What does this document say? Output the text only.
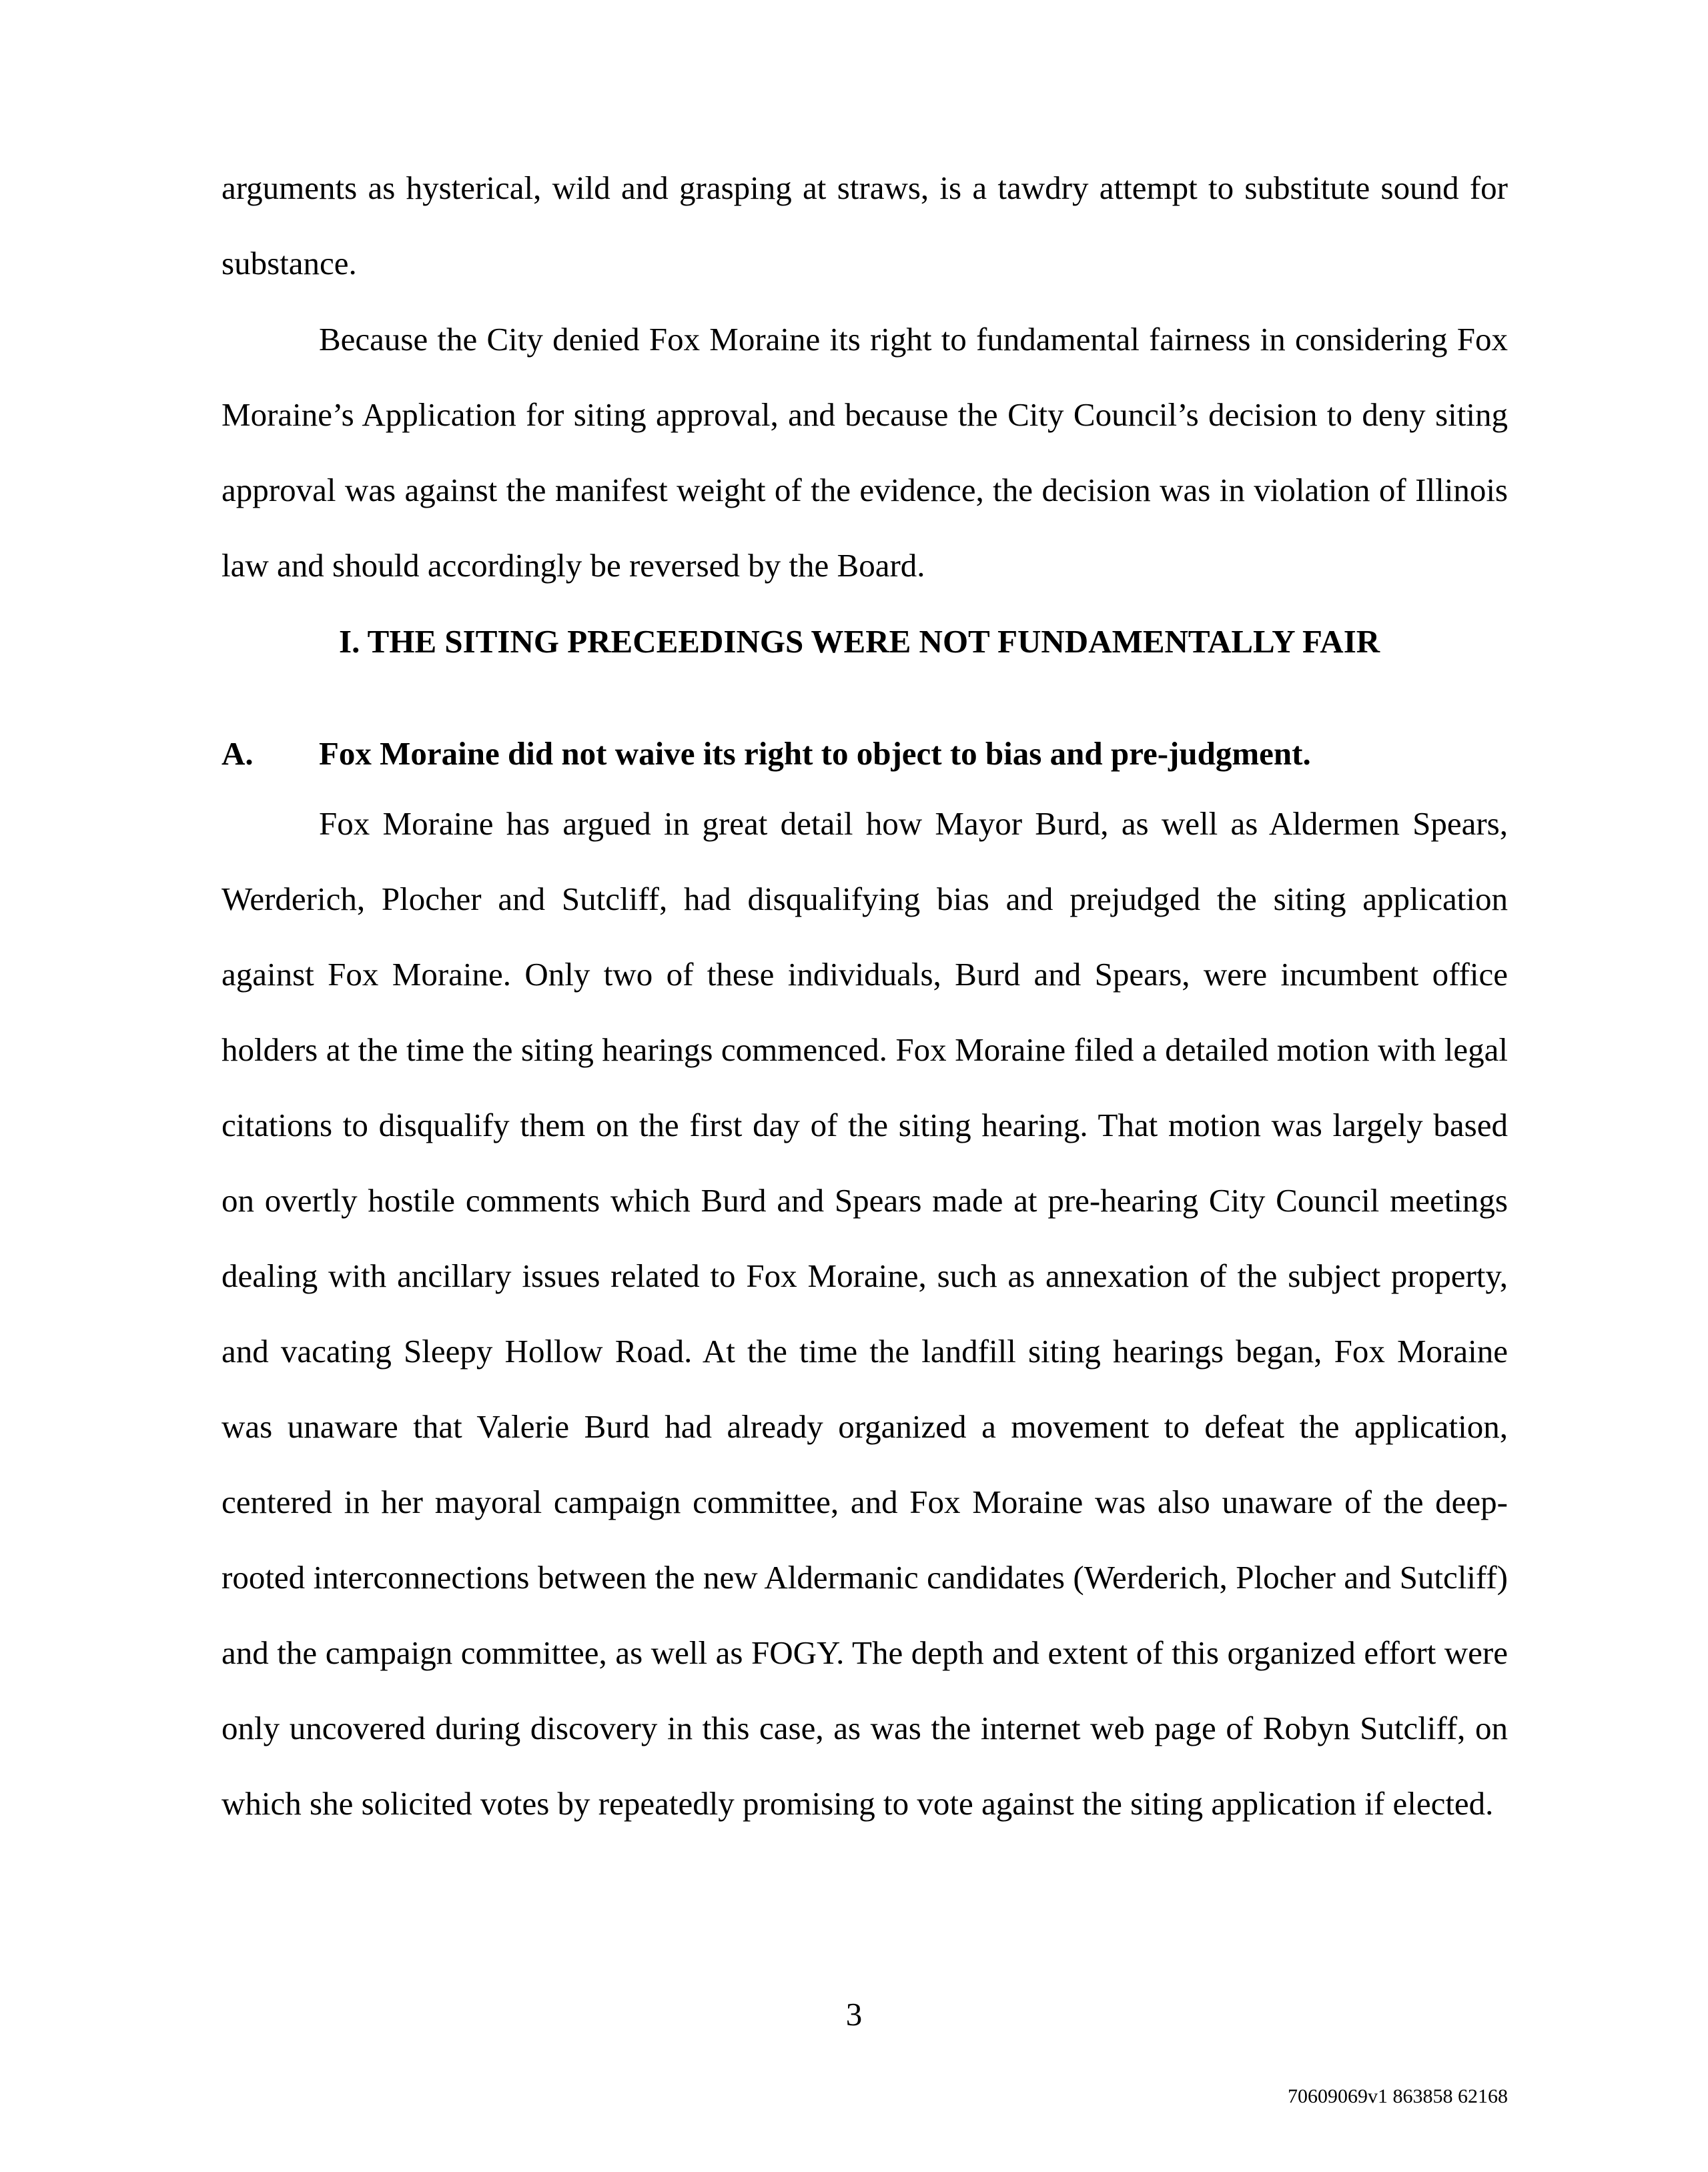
arguments as hysterical, wild and grasping at straws, is a tawdry attempt to substitute sound for substance.

Because the City denied Fox Moraine its right to fundamental fairness in considering Fox Moraine’s Application for siting approval, and because the City Council’s decision to deny siting approval was against the manifest weight of the evidence, the decision was in violation of Illinois law and should accordingly be reversed by the Board.

I. THE SITING PRECEEDINGS WERE NOT FUNDAMENTALLY FAIR
A. Fox Moraine did not waive its right to object to bias and pre-judgment.

Fox Moraine has argued in great detail how Mayor Burd, as well as Aldermen Spears, Werderich, Plocher and Sutcliff, had disqualifying bias and prejudged the siting application against Fox Moraine. Only two of these individuals, Burd and Spears, were incumbent office holders at the time the siting hearings commenced. Fox Moraine filed a detailed motion with legal citations to disqualify them on the first day of the siting hearing. That motion was largely based on overtly hostile comments which Burd and Spears made at pre-hearing City Council meetings dealing with ancillary issues related to Fox Moraine, such as annexation of the subject property, and vacating Sleepy Hollow Road. At the time the landfill siting hearings began, Fox Moraine was unaware that Valerie Burd had already organized a movement to defeat the application, centered in her mayoral campaign committee, and Fox Moraine was also unaware of the deep-rooted interconnections between the new Aldermanic candidates (Werderich, Plocher and Sutcliff) and the campaign committee, as well as FOGY. The depth and extent of this organized effort were only uncovered during discovery in this case, as was the internet web page of Robyn Sutcliff, on which she solicited votes by repeatedly promising to vote against the siting application if elected.

3

70609069v1 863858 62168
